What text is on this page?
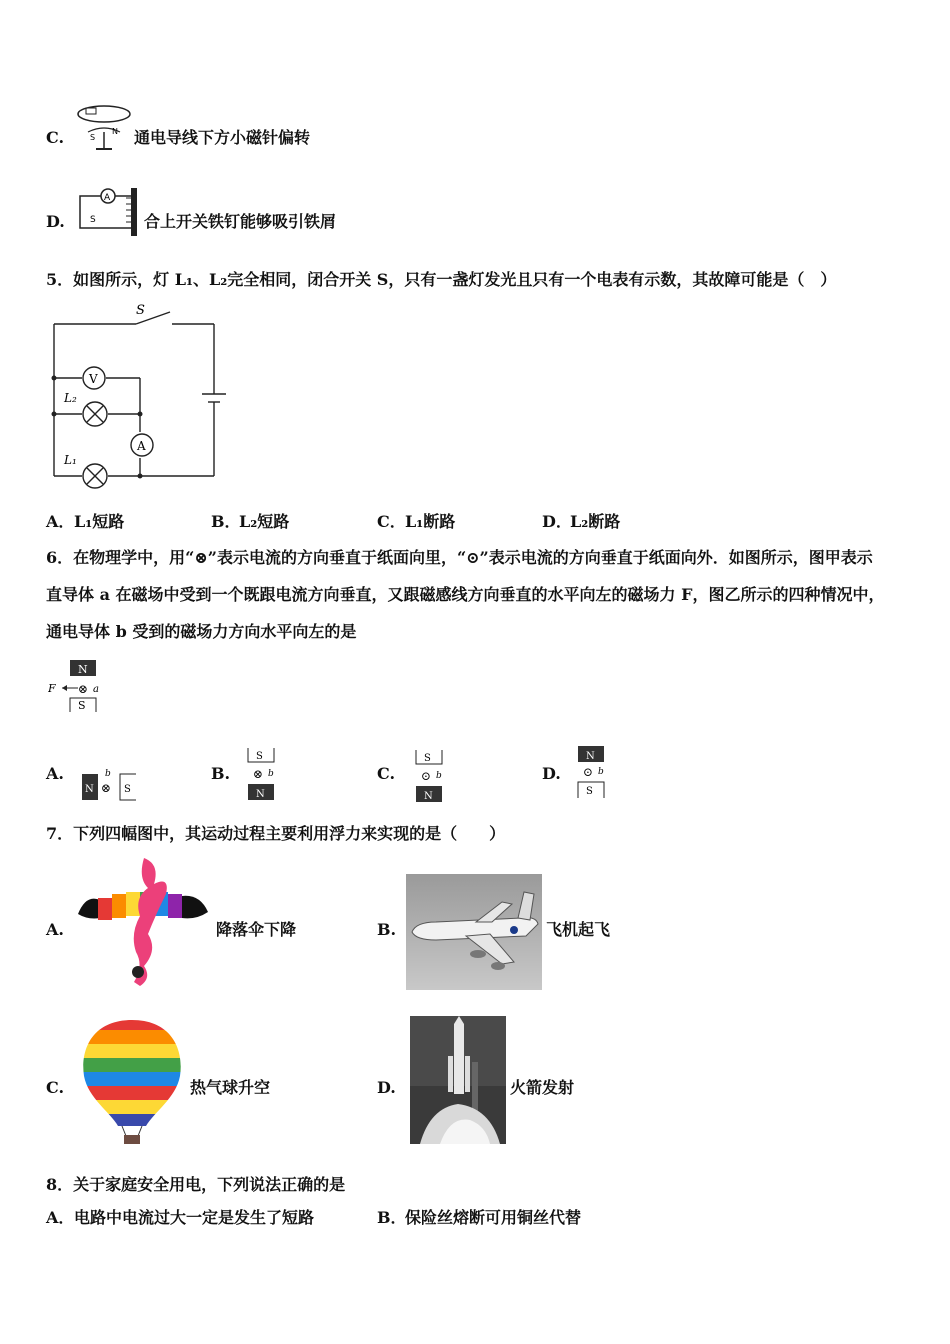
C.	S
N 通电导线下方小磁针偏转
D.
A
S	合上开关铁钉能够吸引铁屑
5．如图所示，灯 L₁、L₂完全相同，闭合开关 S，只有一盏灯发光且只有一个电表有示数，其故障可能是（　）
S
V
A
L₂
L₁
A． L₁短路	B．
L₂短路	C． L₁断路	D．
L₂断路
6．在物理学中，用“⊗”表示电流的方向垂直于纸面向里，“⊙”表示电流的方向垂直于纸面向外．如图所示，图甲表示
直导体 a 在磁场中受到一个既跟电流方向垂直，又跟磁感线方向垂直的水平向左的磁场力 F，图乙所示的四种情况中，
通电导体 b 受到的磁场力方向水平向左的是
N
F ⊗ a
S
A.
N ⊗
b
S
B.
S
⊗ b
N
C.
S
⊙ b
N
D.
N
⊙ b
S
7．下列四幅图中，其运动过程主要利用浮力来实现的是（　　）
A.	降落伞下降	B.	飞机起飞
C.	热气球升空	D.	火箭发射
8．关于家庭安全用电，下列说法正确的是
A． 电路中电流过大一定是发生了短路	B．
保险丝熔断可用铜丝代替
